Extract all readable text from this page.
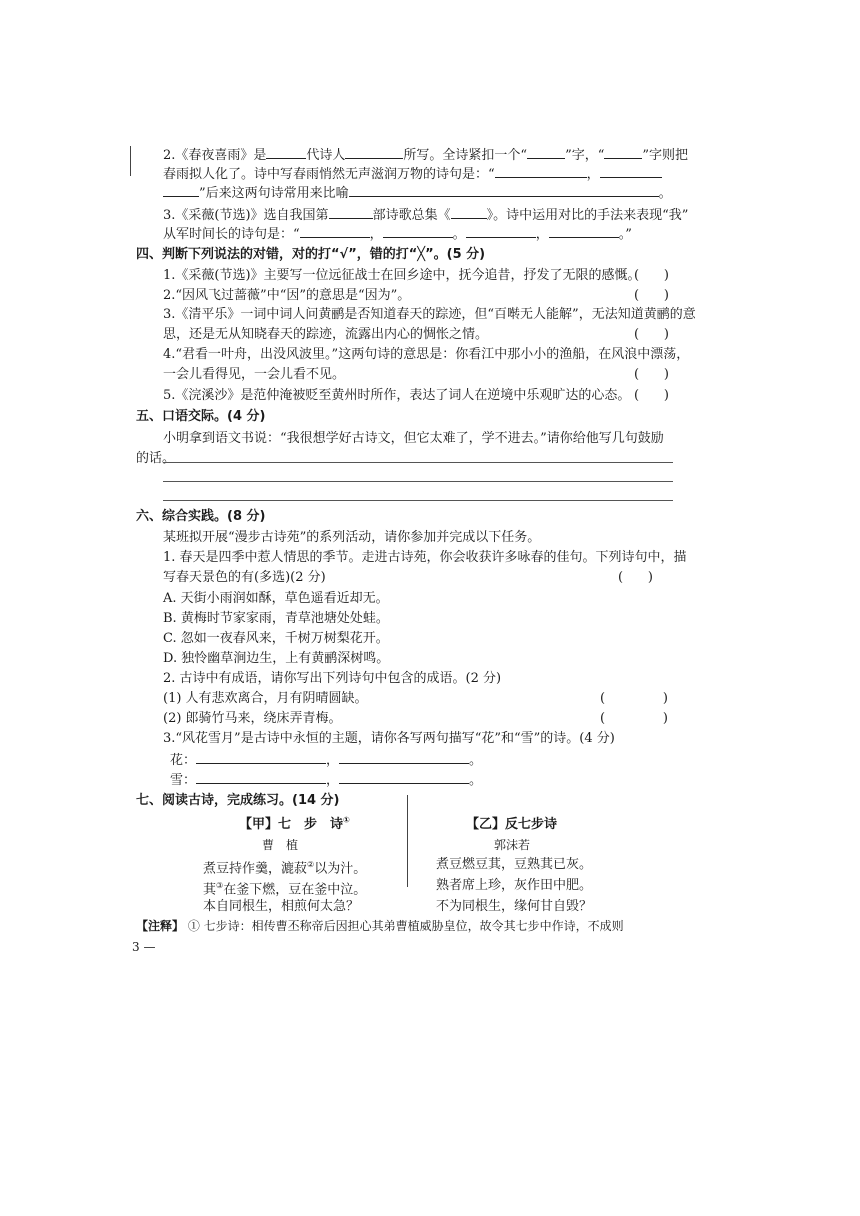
2.《春夜喜雨》是	代诗人	所写。全诗紧扣一个“	”字，“	”字则把
春雨拟人化了。诗中写春雨悄然无声滋润万物的诗句是：“	，
”后来这两句诗常用来比喻	。
3.《采薇(节选)》选自我国第	部诗歌总集《	》。诗中运用对比的手法来表现“我”
从军时间长的诗句是：“	，	。	，	。”
四、判断下列说法的对错，对的打“√”，错的打“╳”。(5 分)
1.《采薇(节选)》主要写一位远征战士在回乡途中，抚今追昔，抒发了无限的感慨。
(      )
2.“因风飞过蔷薇”中“因”的意思是“因为”。	(      )
3.《清平乐》一词中词人问黄鹂是否知道春天的踪迹，但“百啭无人能解”，无法知道黄鹂的意
思，还是无从知晓春天的踪迹，流露出内心的惆怅之情。	(      )
4.“君看一叶舟，出没风波里。”这两句诗的意思是：你看江中那小小的渔船，在风浪中漂荡，
一会儿看得见，一会儿看不见。	(      )
5.《浣溪沙》是范仲淹被贬至黄州时所作，表达了词人在逆境中乐观旷达的心态。 (      )
五、口语交际。(4 分)
小明拿到语文书说：“我很想学好古诗文，但它太难了，学不进去。”请你给他写几句鼓励
的话。
六、综合实践。(8 分)
某班拟开展“漫步古诗苑”的系列活动，请你参加并完成以下任务。
1. 春天是四季中惹人情思的季节。走进古诗苑，你会收获许多咏春的佳句。下列诗句中，描
写春天景色的有(多选)(2 分)	(      )
A. 天街小雨润如酥，草色遥看近却无。
B. 黄梅时节家家雨，青草池塘处处蛙。
C. 忽如一夜春风来，千树万树梨花开。
D. 独怜幽草涧边生，上有黄鹂深树鸣。
2. 古诗中有成语，请你写出下列诗句中包含的成语。(2 分)
(1) 人有悲欢离合，月有阴晴圆缺。	(              )
(2) 郎骑竹马来，绕床弄青梅。	(              )
3.“风花雪月”是古诗中永恒的主题，请你各写两句描写“花”和“雪”的诗。(4 分)
花：	，	。
雪：	，	。
七、阅读古诗，完成练习。(14 分)
【甲】七　步　诗①
曹　植
煮豆持作羹，漉菽②以为汁。
萁③在釜下燃，豆在釜中泣。
本自同根生，相煎何太急？
【乙】反七步诗
郭沫若
煮豆燃豆萁，豆熟萁已灰。
熟者席上珍，灰作田中肥。
不为同根生，缘何甘自毁？
【注释】 ① 七步诗：相传曹丕称帝后因担心其弟曹植威胁皇位，故令其七步中作诗，不成则
3 —
